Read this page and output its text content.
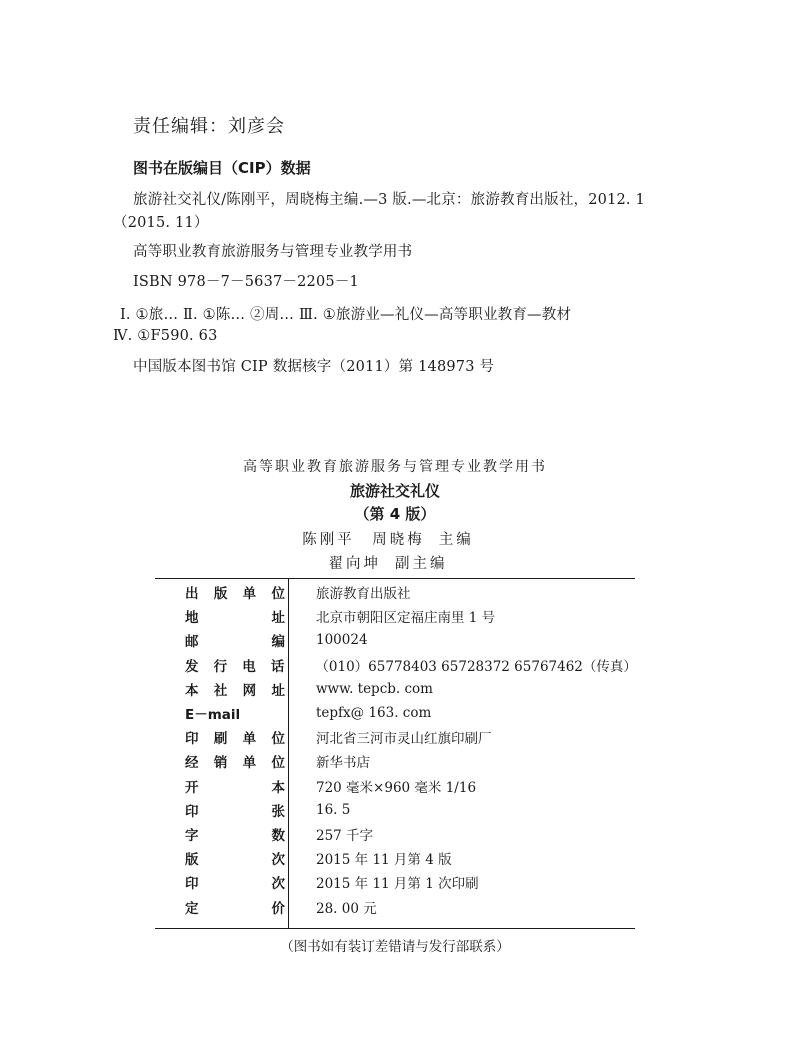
责任编辑：刘彦会
图书在版编目（CIP）数据
旅游社交礼仪/陈刚平，周晓梅主编.—3 版.—北京：旅游教育出版社，2012. 1
（2015. 11）
高等职业教育旅游服务与管理专业教学用书
ISBN 978－7－5637－2205－1
Ⅰ. ①旅… Ⅱ. ①陈… ②周… Ⅲ. ①旅游业—礼仪—高等职业教育—教材
Ⅳ. ①F590. 63
中国版本图书馆 CIP 数据核字（2011）第 148973 号
高等职业教育旅游服务与管理专业教学用书
旅游社交礼仪
（第 4 版）
陈刚平　周晓梅 主编
翟向坤 副主编
出版单位 旅游教育出版社
地址 北京市朝阳区定福庄南里 1 号
邮编 100024
发行电话 （010）65778403 65728372 65767462（传真）
本社网址 www. tepcb. com
E－mail	tepfx@ 163. com
印刷单位 河北省三河市灵山红旗印刷厂
经销单位 新华书店
开本 720 毫米×960 毫米 1/16
印张 16. 5
字数 257 千字
版次 2015 年 11 月第 4 版
印次 2015 年 11 月第 1 次印刷
定价 28. 00 元
（图书如有装订差错请与发行部联系）
